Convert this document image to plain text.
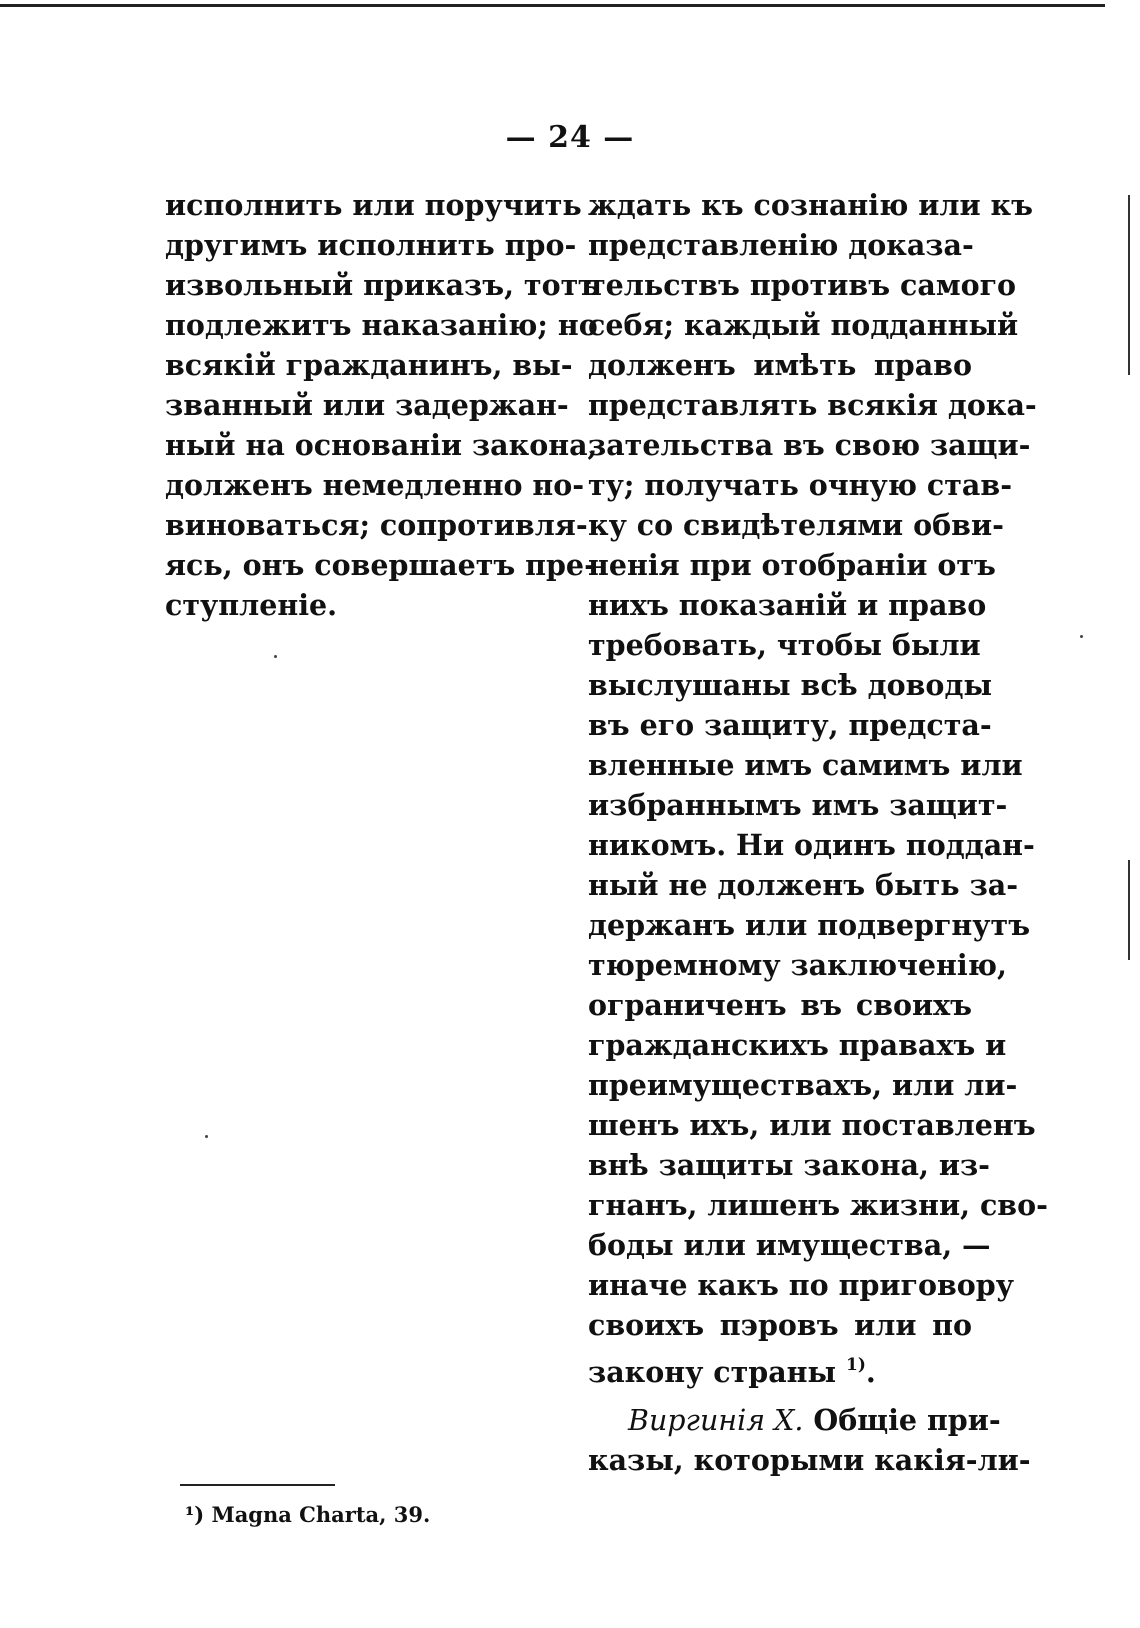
— 24 —
исполнить или поручить
другимъ исполнить про-
извольный приказъ, тотъ
подлежитъ наказанію; но
всякій гражданинъ, вы-
званный или задержан-
ный на основаніи закона,
долженъ немедленно по-
виноваться; сопротивля-
ясь, онъ совершаетъ пре-
ступленіе.
ждать къ сознанію или къ
представленію доказа-
тельствъ противъ самого
себя; каждый подданный
долженъ имѣть право
представлять всякія дока-
зательства въ свою защи-
ту; получать очную став-
ку со свидѣтелями обви-
ненія при отобраніи отъ
нихъ показаній и право
требовать, чтобы были
выслушаны всѣ доводы
въ его защиту, предста-
вленные имъ самимъ или
избраннымъ имъ защит-
никомъ. Ни одинъ поддан-
ный не долженъ быть за-
держанъ или подвергнутъ
тюремному заключенію,
ограниченъ въ своихъ
гражданскихъ правахъ и
преимуществахъ, или ли-
шенъ ихъ, или поставленъ
внѣ защиты закона, из-
гнанъ, лишенъ жизни, сво-
боды или имущества, —
иначе какъ по приговору
своихъ пэровъ или по
закону страны $^{1)}$.
Виргинія X. Общіе при-
казы, которыми какія-ли-
¹) Magna Charta, 39.
